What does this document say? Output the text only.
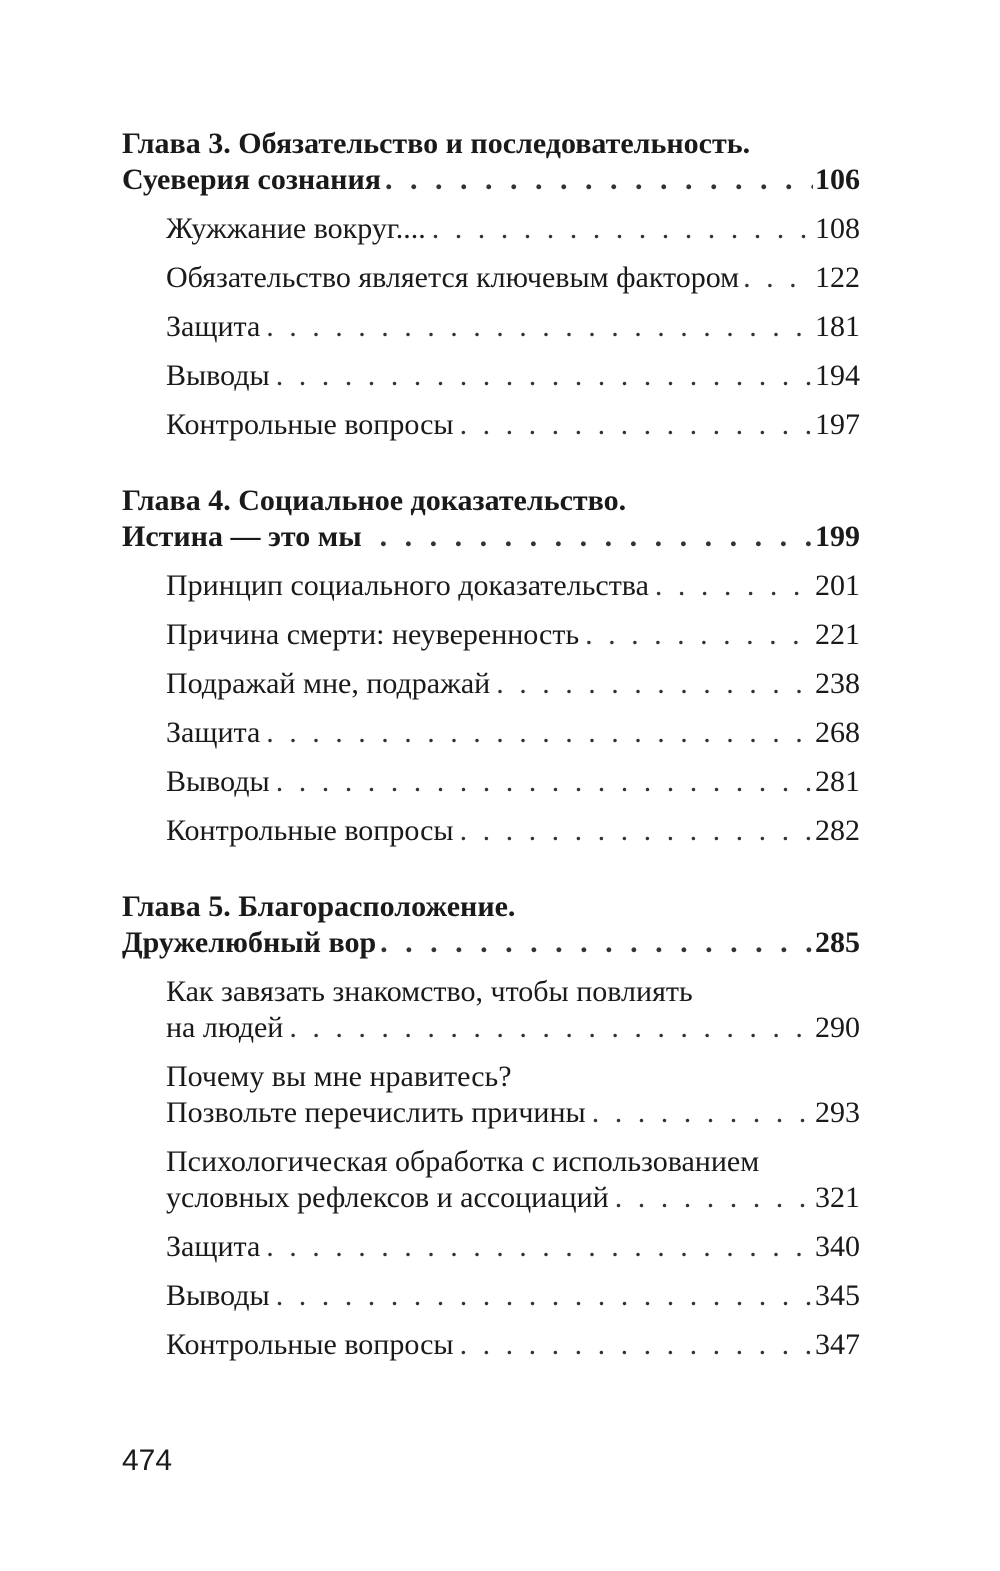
Глава 3. Обязательство и последовательность.
Суеверия сознания . . .	106
Жужжание вокруг.... . . .	108
Обязательство является ключевым фактором . . .	122
Защита . . .	181
Выводы . . .	194
Контрольные вопросы . . .	197
Глава 4. Социальное доказательство.
Истина — это мы . . .	199
Принцип социального доказательства . . .	201
Причина смерти: неуверенность . . .	221
Подражай мне, подражай . . .	238
Защита . . .	268
Выводы . . .	281
Контрольные вопросы . . .	282
Глава 5. Благорасположение.
Дружелюбный вор . . .	285
Как завязать знакомство, чтобы повлиять
на людей . . .	290
Почему вы мне нравитесь?
Позвольте перечислить причины . . .	293
Психологическая обработка с использованием
условных рефлексов и ассоциаций . . .	321
Защита . . .	340
Выводы . . .	345
Контрольные вопросы . . .	347
474
